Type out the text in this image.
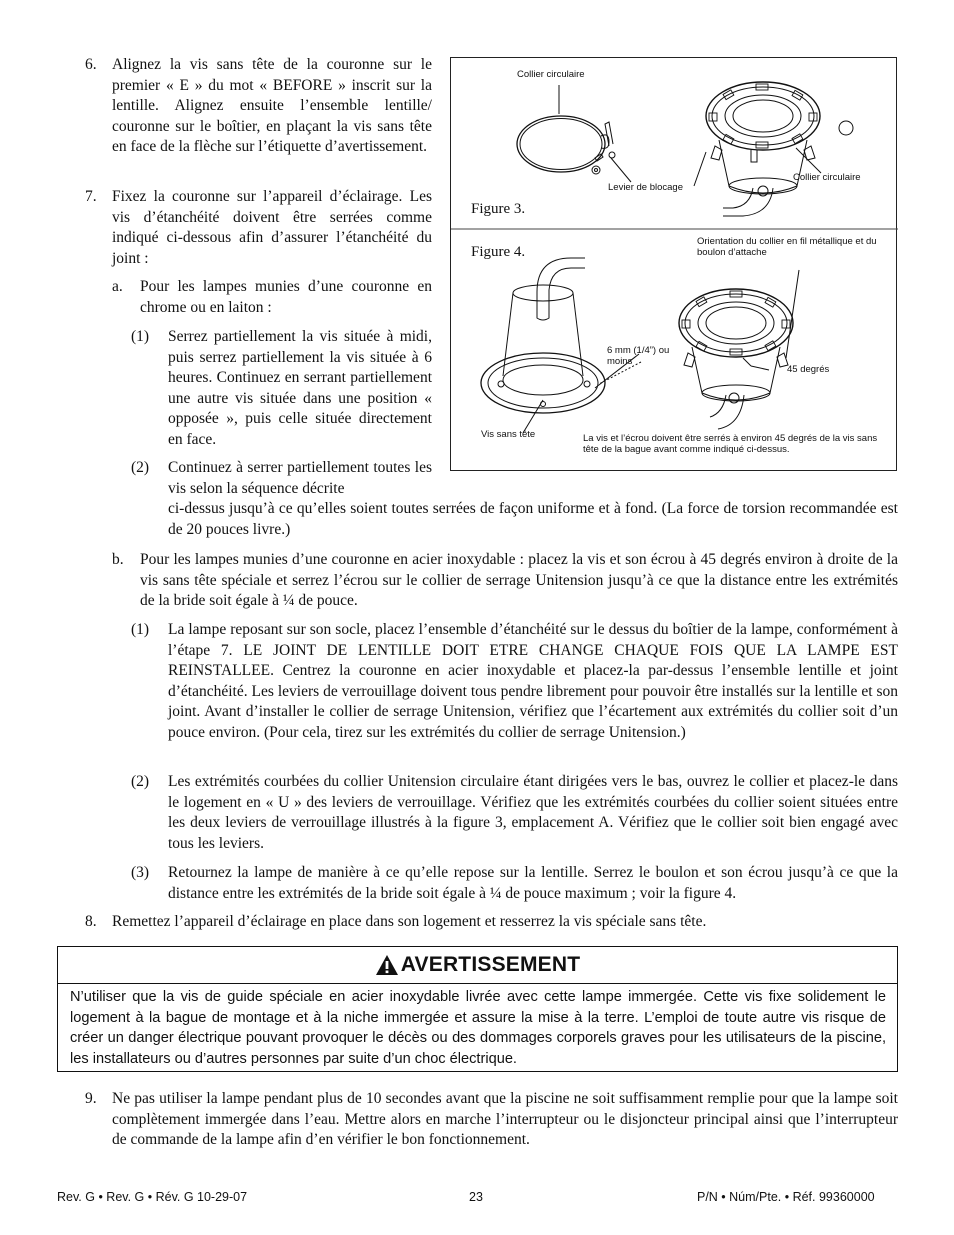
6. Alignez la vis sans tête de la couronne sur le premier « E » du mot « BEFORE » inscrit sur la lentille. Alignez ensuite l’ensemble lentille/ couronne sur le boîtier, en plaçant la vis sans tête en face de la flèche sur l’étiquette d’avertissement.
7. Fixez la couronne sur l’appareil d’éclairage. Les vis d’étanchéité doivent être serrées comme indiqué ci-dessous afin d’assurer l’étanchéité du joint :
a. Pour les lampes munies d’une couronne en chrome ou en laiton :
(1) Serrez partiellement la vis située à midi, puis serrez partiellement la vis située à 6 heures. Continuez en serrant partiellement une autre vis située dans une position « opposée », puis celle située directement en face.
(2) Continuez à serrer partiellement toutes les vis selon la séquence décrite
ci-dessus jusqu’à ce qu’elles soient toutes serrées de façon uniforme et à fond. (La force de torsion recommandée est de 20 pouces livre.)
b. Pour les lampes munies d’une couronne en acier inoxydable : placez la vis et son écrou à 45 degrés environ à droite de la vis sans tête spéciale et serrez l’écrou sur le collier de serrage Unitension jusqu’à ce que la distance entre les extrémités de la bride soit égale à ¼ de pouce.
(1) La lampe reposant sur son socle, placez l’ensemble d’étanchéité sur le dessus du boîtier de la lampe, conformément à l’étape 7. LE JOINT DE LENTILLE DOIT ETRE CHANGE CHAQUE FOIS QUE LA LAMPE EST REINSTALLEE. Centrez la couronne en acier inoxydable et placez-la par-dessus l’ensemble lentille et joint d’étanchéité. Les leviers de verrouillage doivent tous pendre librement pour pouvoir être installés sur la lentille et son joint. Avant d’installer le collier de serrage Unitension, vérifiez que l’écartement aux extrémités du collier soit d’un pouce environ. (Pour cela, tirez sur les extrémités du collier de serrage Unitension.)
(2) Les extrémités courbées du collier Unitension circulaire étant dirigées vers le bas, ouvrez le collier et placez-le dans le logement en « U » des leviers de verrouillage. Vérifiez que les extrémités courbées du collier soient situées entre les deux leviers de verrouillage illustrés à la figure 3, emplacement A. Vérifiez que le collier soit bien engagé avec tous les leviers.
(3) Retournez la lampe de manière à ce qu’elle repose sur la lentille. Serrez le boulon et son écrou jusqu’à ce que la distance entre les extrémités de la bride soit égale à ¼ de pouce maximum ; voir la figure 4.
8. Remettez l’appareil d’éclairage en place dans son logement et resserrez la vis spéciale sans tête.
Collier circulaire
Levier de blocage
Collier circulaire
Figure 3.
Figure 4.
Orientation du collier en fil métallique et du boulon d’attache
6 mm (1/4”) ou moins
45 degrés
Vis sans tête	La vis et l’écrou doivent être serrés à environ 45 degrés de la vis sans tête de la bague avant comme indiqué ci-dessus.
AVERTISSEMENT
N’utiliser que la vis de guide spéciale en acier inoxydable livrée avec cette lampe immergée. Cette vis fixe solidement le logement à la bague de montage et à la niche immergée et assure la mise à la terre. L’emploi de toute autre vis risque de créer un danger électrique pouvant provoquer le décès ou des dommages corporels graves pour les utilisateurs de la piscine, les installateurs ou d’autres personnes par suite d’un choc électrique.
9. Ne pas utiliser la lampe pendant plus de 10 secondes avant que la piscine ne soit suffisamment remplie pour que la lampe soit complètement immergée dans l’eau. Mettre alors en marche l’interrupteur ou le disjoncteur principal ainsi que l’interrupteur de commande de la lampe afin d’en vérifier le bon fonctionnement.
Rev. G • Rev. G • Rév. G 10-29-07	23	P/N • Núm/Pte. • Réf. 99360000
